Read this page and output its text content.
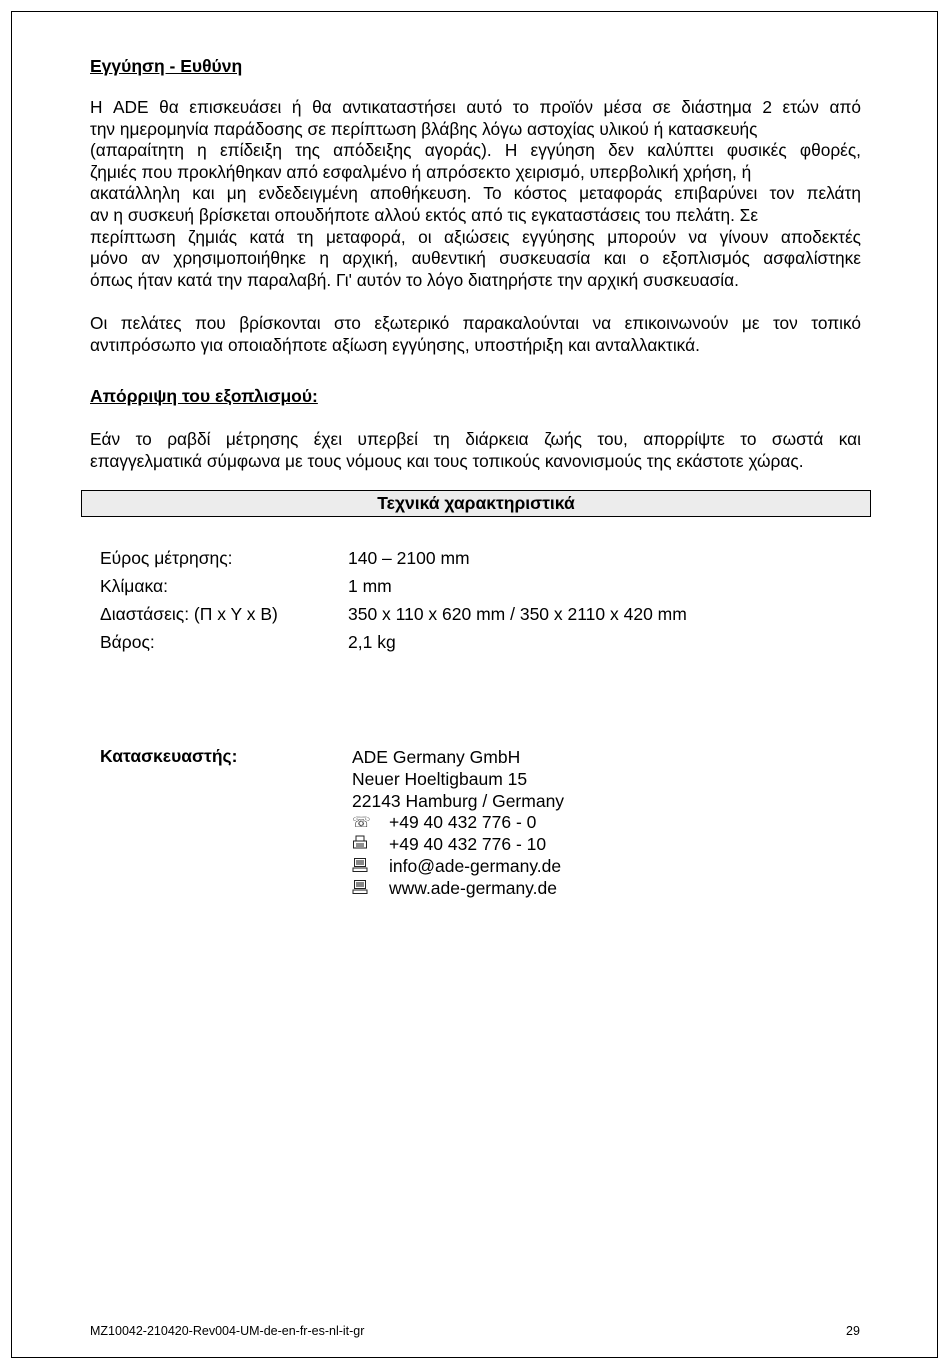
Εγγύηση - Ευθύνη
Η ADE θα επισκευάσει ή θα αντικαταστήσει αυτό το προϊόν μέσα σε διάστημα 2 ετών από
την ημερομηνία παράδοσης σε περίπτωση βλάβης λόγω αστοχίας υλικού ή κατασκευής
(απαραίτητη η επίδειξη της απόδειξης αγοράς). Η εγγύηση δεν καλύπτει φυσικές φθορές,
ζημιές που προκλήθηκαν από εσφαλμένο ή απρόσεκτο χειρισμό, υπερβολική χρήση, ή
ακατάλληλη και μη ενδεδειγμένη αποθήκευση. Το κόστος μεταφοράς επιβαρύνει τον πελάτη
αν η συσκευή βρίσκεται οπουδήποτε αλλού εκτός από τις εγκαταστάσεις του πελάτη. Σε
περίπτωση ζημιάς κατά τη μεταφορά, οι αξιώσεις εγγύησης μπορούν να γίνουν αποδεκτές
μόνο αν χρησιμοποιήθηκε η αρχική, αυθεντική συσκευασία και ο εξοπλισμός ασφαλίστηκε
όπως ήταν κατά την παραλαβή. Γι' αυτόν το λόγο διατηρήστε την αρχική συσκευασία.
Οι πελάτες που βρίσκονται στο εξωτερικό παρακαλούνται να επικοινωνούν με τον τοπικό
αντιπρόσωπο για οποιαδήποτε αξίωση εγγύησης, υποστήριξη και ανταλλακτικά.
Απόρριψη του εξοπλισμού:
Εάν το ραβδί μέτρησης έχει υπερβεί τη διάρκεια ζωής του, απορρίψτε το σωστά και
επαγγελματικά σύμφωνα με τους νόμους και τους τοπικούς κανονισμούς της εκάστοτε χώρας.
Τεχνικά χαρακτηριστικά
Εύρος μέτρησης:	140 – 2100 mm
Κλίμακα:	1 mm
Διαστάσεις: (Π x Y x B)	350 x 110 x 620 mm / 350 x 2110 x 420 mm
Βάρος:	2,1 kg
Κατασκευαστής:	ADE Germany GmbH
Neuer Hoeltigbaum 15
22143 Hamburg / Germany
☏ +49 40 432 776 - 0
+49 40 432 776 - 10
info@ade-germany.de
www.ade-germany.de
MZ10042-210420-Rev004-UM-de-en-fr-es-nl-it-gr	29
